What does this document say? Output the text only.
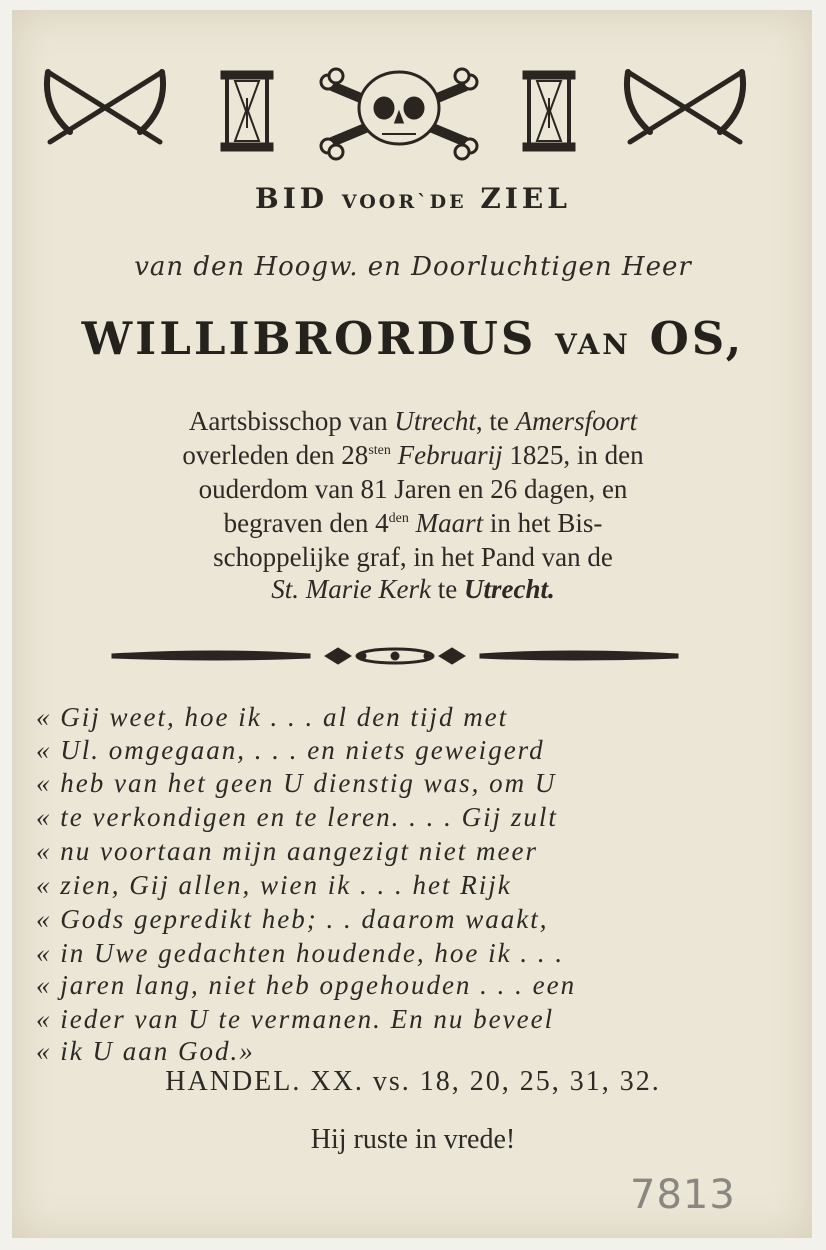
BID VOOR`DE ZIEL
van den Hoogw. en Doorluchtigen Heer
WILLIBRORDUS VAN OS,
Aartsbisschop van Utrecht, te Amersfoort
overleden den $28^{sten}$ Februarij 1825, in den
ouderdom van 81 Jaren en 26 dagen, en
begraven den $4^{den}$ Maart in het Bis-
schoppelijke graf, in het Pand van de
St. Marie Kerk te Utrecht.
« Gij weet, hoe ik . . . al den tijd met
« Ul. omgegaan, . . . en niets geweigerd
« heb van het geen U dienstig was, om U
« te verkondigen en te leren. . . . Gij zult
« nu voortaan mijn aangezigt niet meer
« zien, Gij allen, wien ik . . . het Rijk
« Gods gepredikt heb; . . daarom waakt,
« in Uwe gedachten houdende, hoe ik . . .
« jaren lang, niet heb opgehouden . . . een
« ieder van U te vermanen. En nu beveel
« ik U aan God.»
HANDEL. XX. vs. 18, 20, 25, 31, 32.
Hij ruste in vrede!
7813
